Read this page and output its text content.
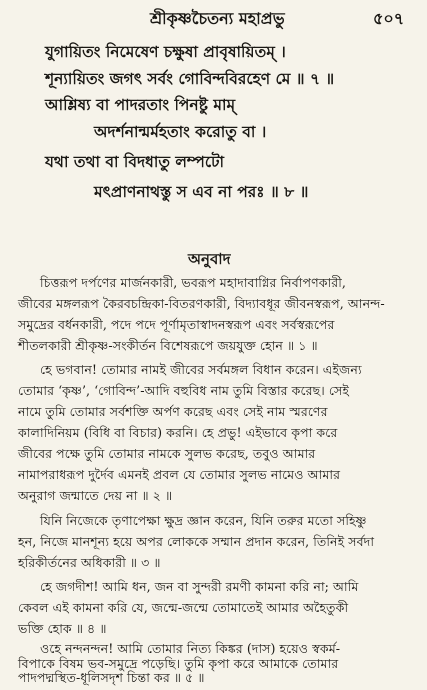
শ্রীকৃষ্ণচৈতন্য মহাপ্রভু	৫০৭
যুগায়িতং নিমেষেণ চক্ষুষা প্রাবৃষায়িতম্ ।
শূন্যায়িতং জগৎ সর্বং গোবিন্দবিরহেণ মে ॥ ৭ ॥
আশ্লিষ্য বা পাদরতাং পিনষ্টু মাম্
অদর্শনান্মর্মহতাং করোতু বা ।
যথা তথা বা বিদধাতু লম্পটো
মৎপ্রাণনাথস্তু স এব না পরঃ ॥ ৮ ॥
অনুবাদ
চিত্তরূপ দর্পণের মার্জনকারী, ভবরূপ মহাদাবাগ্নির নির্বাপণকারী,
জীবের মঙ্গলরূপ কৈরবচন্দ্রিকা-বিতরণকারী, বিদ্যাবধূর জীবনস্বরূপ, আনন্দ-
সমুদ্রের বর্ধনকারী, পদে পদে পূর্ণামৃতাস্বাদনস্বরূপ এবং সর্বস্বরূপের
শীতলকারী শ্রীকৃষ্ণ-সংকীর্তন বিশেষরূপে জয়যুক্ত হোন ॥ ১ ॥
হে ভগবান! তোমার নামই জীবের সর্বমঙ্গল বিধান করেন। এইজন্য
তোমার ‘কৃষ্ণ’, ‘গোবিন্দ’-আদি বহুবিধ নাম তুমি বিস্তার করেছ। সেই
নামে তুমি তোমার সর্বশক্তি অর্পণ করেছ এবং সেই নাম স্মরণের
কালাদিনিয়ম (বিধি বা বিচার) করনি। হে প্রভু! এইভাবে কৃপা করে
জীবের পক্ষে তুমি তোমার নামকে সুলভ করেছ, তবুও আমার
নামাপরাধরূপ দুর্দৈব এমনই প্রবল যে তোমার সুলভ নামেও আমার
অনুরাগ জন্মাতে দেয় না ॥ ২ ॥
যিনি নিজেকে তৃণাপেক্ষা ক্ষুদ্র জ্ঞান করেন, যিনি তরুর মতো সহিষ্ণু
হন, নিজে মানশূন্য হয়ে অপর লোককে সম্মান প্রদান করেন, তিনিই সর্বদা
হরিকীর্তনের অধিকারী ॥ ৩ ॥
হে জগদীশ! আমি ধন, জন বা সুন্দরী রমণী কামনা করি না; আমি
কেবল এই কামনা করি যে, জন্মে-জন্মে তোমাতেই আমার অহৈতুকী
ভক্তি হোক ॥ ৪ ॥
ওহে নন্দনন্দন! আমি তোমার নিত্য কিঙ্কর (দাস) হয়েও স্বকর্ম-
বিপাকে বিষম ভব-সমুদ্রে পড়েছি। তুমি কৃপা করে আমাকে তোমার
পাদপদ্মস্থিত-ধূলিসদৃশ চিন্তা কর ॥ ৫ ॥
